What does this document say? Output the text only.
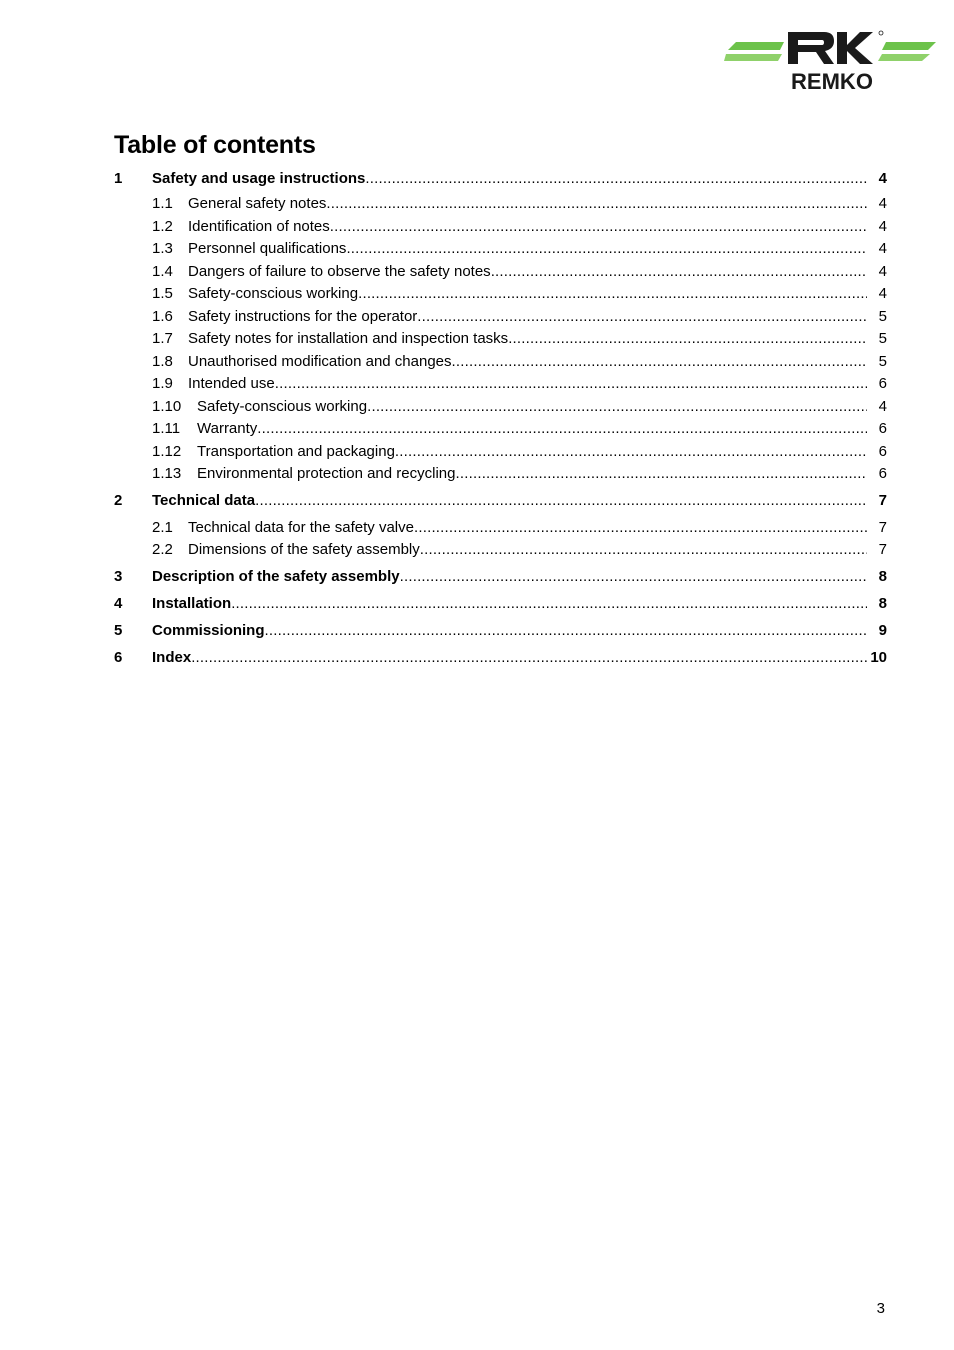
REMKO
Table of contents
1	Safety and usage instructions .....	4
1.1	General safety notes .....	4
1.2	Identification of notes .....	4
1.3	Personnel qualifications .....	4
1.4	Dangers of failure to observe the safety notes .....	4
1.5	Safety-conscious working .....	4
1.6	Safety instructions for the operator .....	5
1.7	Safety notes for installation and inspection tasks .....	5
1.8	Unauthorised modification and changes .....	5
1.9	Intended use .....	6
1.10	Safety-conscious working .....	4
1.11	Warranty .....	6
1.12	Transportation and packaging .....	6
1.13	Environmental protection and recycling .....	6
2	Technical data .....	7
2.1	Technical data for the safety valve .....	7
2.2	Dimensions of the safety assembly .....	7
3	Description of the safety assembly .....	8
4	Installation .....	8
5	Commissioning .....	9
6	Index .....	10
3
